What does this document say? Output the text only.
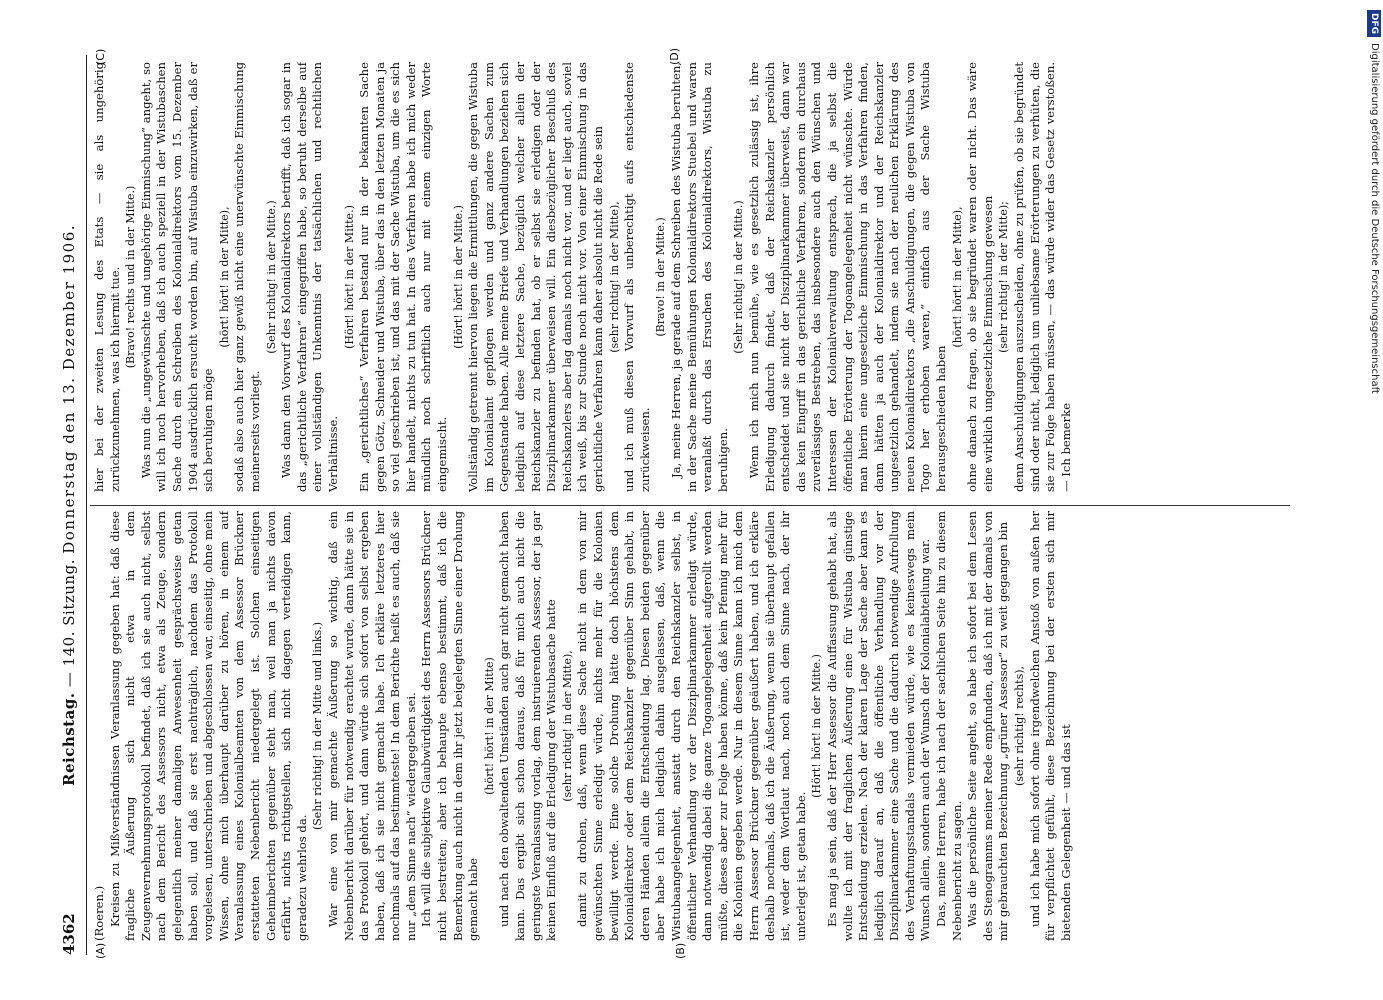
4362
Reichstag. — 140. Sitzung. Donnerstag den 13. Dezember 1906.
(A)	(B)
(C)	(D)

(Roeren.) Kreisen zu Mißverständnissen Veranlassung gegeben hat: daß diese fragliche Äußerung sich nicht etwa in dem Zeugenvernehmungsprotokoll befindet, daß ich sie auch nicht, selbst nach dem Bericht des Assessors nicht, etwa als Zeuge, sondern gelegentlich meiner damaligen Anwesenheit gesprächsweise getan haben soll, und daß sie erst nachträglich, nachdem das Protokoll vorgelesen, unterschrieben und abgeschlossen war, einseitig, ohne mein Wissen, ohne mich überhaupt darüber zu hören, in einem auf Veranlassung eines Kolonialbeamten von dem Assessor Brückner erstatteten Nebenbericht niedergelegt ist. Solchen einseitigen Geheimberichten gegenüber steht man, weil man ja nichts davon erfährt, nichts richtigstellen, sich nicht dagegen verteidigen kann, geradezu wehrlos da.

(Sehr richtig! in der Mitte und links.) War eine von mir gemachte Äußerung so wichtig, daß ein Nebenbericht darüber für notwendig erachtet wurde, dann hätte sie in das Protokoll gehört, und dann würde sich sofort von selbst ergeben haben, daß ich sie nicht gemacht habe. Ich erkläre letzteres hier nochmals auf das bestimmteste! In dem Berichte heißt es auch, daß sie nur „dem Sinne nach“ wiedergegeben sei. Ich will die subjektive Glaubwürdigkeit des Herrn Assessors Brückner nicht bestreiten; aber ich behaupte ebenso bestimmt, daß ich die Bemerkung auch nicht in dem ihr jetzt beigelegten Sinne einer Drohung gemacht habe

(hört! hört! in der Mitte) und nach den obwaltenden Umständen auch gar nicht gemacht haben kann. Das ergibt sich schon daraus, daß für mich auch nicht die geringste Veranlassung vorlag, dem instruierenden Assessor, der ja gar keinen Einfluß auf die Erledigung der Wistubasache hatte (sehr richtig! in der Mitte), damit zu drohen, daß, wenn diese Sache nicht in dem von mir gewünschten Sinne erledigt würde, nichts mehr für die Kolonien bewilligt werde. Eine solche Drohung hätte doch höchstens dem Kolonialdirektor oder dem Reichskanzler gegenüber Sinn gehabt, in deren Händen allein die Entscheidung lag. Diesen beiden gegenüber aber habe ich mich lediglich dahin ausgelassen, daß, wenn die Wistubaangelegenheit, anstatt durch den Reichskanzler selbst, in öffentlicher Verhandlung vor der Disziplinarkammer erledigt würde, dann notwendig dabei die ganze Togoangelegenheit aufgerollt werden müßte, dieses aber zur Folge haben könne, daß kein Pfennig mehr für die Kolonien gegeben werde. Nur in diesem Sinne kann ich mich dem Herrn Assessor Brückner gegenüber geäußert haben, und ich erkläre deshalb nochmals, daß ich die Äußerung, wenn sie überhaupt gefallen ist, weder dem Wortlaut nach, noch auch dem Sinne nach, der ihr unterlegt ist, getan habe.

(Hört! hört! in der Mitte.) Es mag ja sein, daß der Herr Assessor die Auffassung gehabt hat, als wollte ich mit der fraglichen Äußerung eine für Wistuba günstige Entscheidung erzielen. Nach der klaren Lage der Sache aber kann es lediglich darauf an, daß die öffentliche Verhandlung vor der Disziplinarkammer eine Sache und die dadurch notwendige Aufrollung des Verhaftungsstandals vermieden würde, wie es keineswegs mein Wunsch allein, sondern auch der Wunsch der Kolonialabteilung war. Das, meine Herren, habe ich nach der sachlichen Seite hin zu diesem Nebenbericht zu sagen. Was die persönliche Seite angeht, so habe ich sofort bei dem Lesen des Stenogramms meiner Rede empfunden, daß ich mit der damals von mir gebrauchten Bezeichnung „grüner Assessor“ zu weit gegangen bin (sehr richtig! rechts), und ich habe mich sofort ohne irgendwelchen Anstoß von außen her für verpflichtet gefühlt, diese Bezeichnung bei der ersten sich mir bietenden Gelegenheit — und das ist

hier bei der zweiten Lesung des Etats — sie als ungehörig zurückzunehmen, was ich hiermit tue. (Bravo! rechts und in der Mitte.) Was nun die „ungewünschte und ungehörige Einmischung“ angeht, so will ich noch hervorheben, daß ich auch speziell in der Wistubaschen Sache durch ein Schreiben des Kolonialdirektors vom 15. Dezember 1904 ausdrücklich ersucht worden bin, auf Wistuba einzuwirken, daß er sich beruhigen möge

(hört! hört! in der Mitte), sodaß also auch hier ganz gewiß nicht eine unerwünschte Einmischung meinerseits vorliegt.

(Sehr richtig! in der Mitte.) Was dann den Vorwurf des Kolonialdirektors betrifft, daß ich sogar in das „gerichtliche Verfahren“ eingegriffen habe, so beruht derselbe auf einer vollständigen Unkenntnis der tatsächlichen und rechtlichen Verhältnisse.

(Hört! hört! in der Mitte.) Ein „gerichtliches“ Verfahren bestand nur in der bekannten Sache gegen Götz, Schneider und Wistuba, über das in den letzten Monaten ja so viel geschrieben ist, und das mit der Sache Wistuba, um die es sich hier handelt, nichts zu tun hat. In dies Verfahren habe ich mich weder mündlich noch schriftlich auch nur mit einem einzigen Worte eingemischt.

(Hört! hört! in der Mitte.) Vollständig getrennt hiervon liegen die Ermittlungen, die gegen Wistuba im Kolonialamt gepflogen werden und ganz andere Sachen zum Gegenstande haben. Alle meine Briefe und Verhandlungen beziehen sich lediglich auf diese letztere Sache, bezüglich welcher allein der Reichskanzler zu befinden hat, ob er selbst sie erledigen oder der Disziplinarkammer überweisen will. Ein diesbezüglicher Beschluß des Reichskanzlers aber lag damals noch nicht vor, und er liegt auch, soviel ich weiß, bis zur Stunde noch nicht vor. Von einer Einmischung in das gerichtliche Verfahren kann daher absolut nicht die Rede sein (sehr richtig! in der Mitte), und ich muß diesen Vorwurf als unberechtigt aufs entschiedenste zurückweisen.

(Bravo! in der Mitte.) Ja, meine Herren, ja gerade auf dem Schreiben des Wistuba beruhten, in der Sache meine Bemühungen Kolonialdirektors Stuebel und waren veranlaßt durch das Ersuchen des Kolonialdirektors, Wistuba zu beruhigen.

(Sehr richtig! in der Mitte.) Wenn ich mich nun bemühe, wie es gesetzlich zulässig ist, ihre Erledigung dadurch findet, daß der Reichskanzler persönlich entscheidet und sie nicht der Disziplinarkammer überweist, dann war das kein Eingriff in das gerichtliche Verfahren, sondern ein durchaus zuverlässiges Bestreben, das insbesondere auch den Wünschen und Interessen der Kolonialverwaltung entsprach, die ja selbst die öffentliche Erörterung der Togoangelegenheit nicht wünschte. Würde man hierin eine ungesetzliche Einmischung in das Verfahren finden, dann hätten ja auch der Kolonialdirektor und der Reichskanzler ungesetzlich gehandelt, indem sie nach der neulichen Erklärung des neuen Kolonialdirektors „die Anschuldigungen, die gegen Wistuba von Togo her erhoben waren,“ einfach aus der Sache Wistuba herausgeschieden haben

(hört! hört! in der Mitte), ohne danach zu fragen, ob sie begründet waren oder nicht. Das wäre eine wirklich ungesetzliche Einmischung gewesen (sehr richtig! in der Mitte); denn Anschuldigungen auszuscheiden, ohne zu prüfen, ob sie begründet sind oder nicht, lediglich um unliebsame Erörterungen zu verhüten, die sie zur Folge haben müssen, — das würde wider das Gesetz verstoßen. — Ich bemerke

DFGDigitalisierung gefördert durch die Deutsche Forschungsgemeinschaft
